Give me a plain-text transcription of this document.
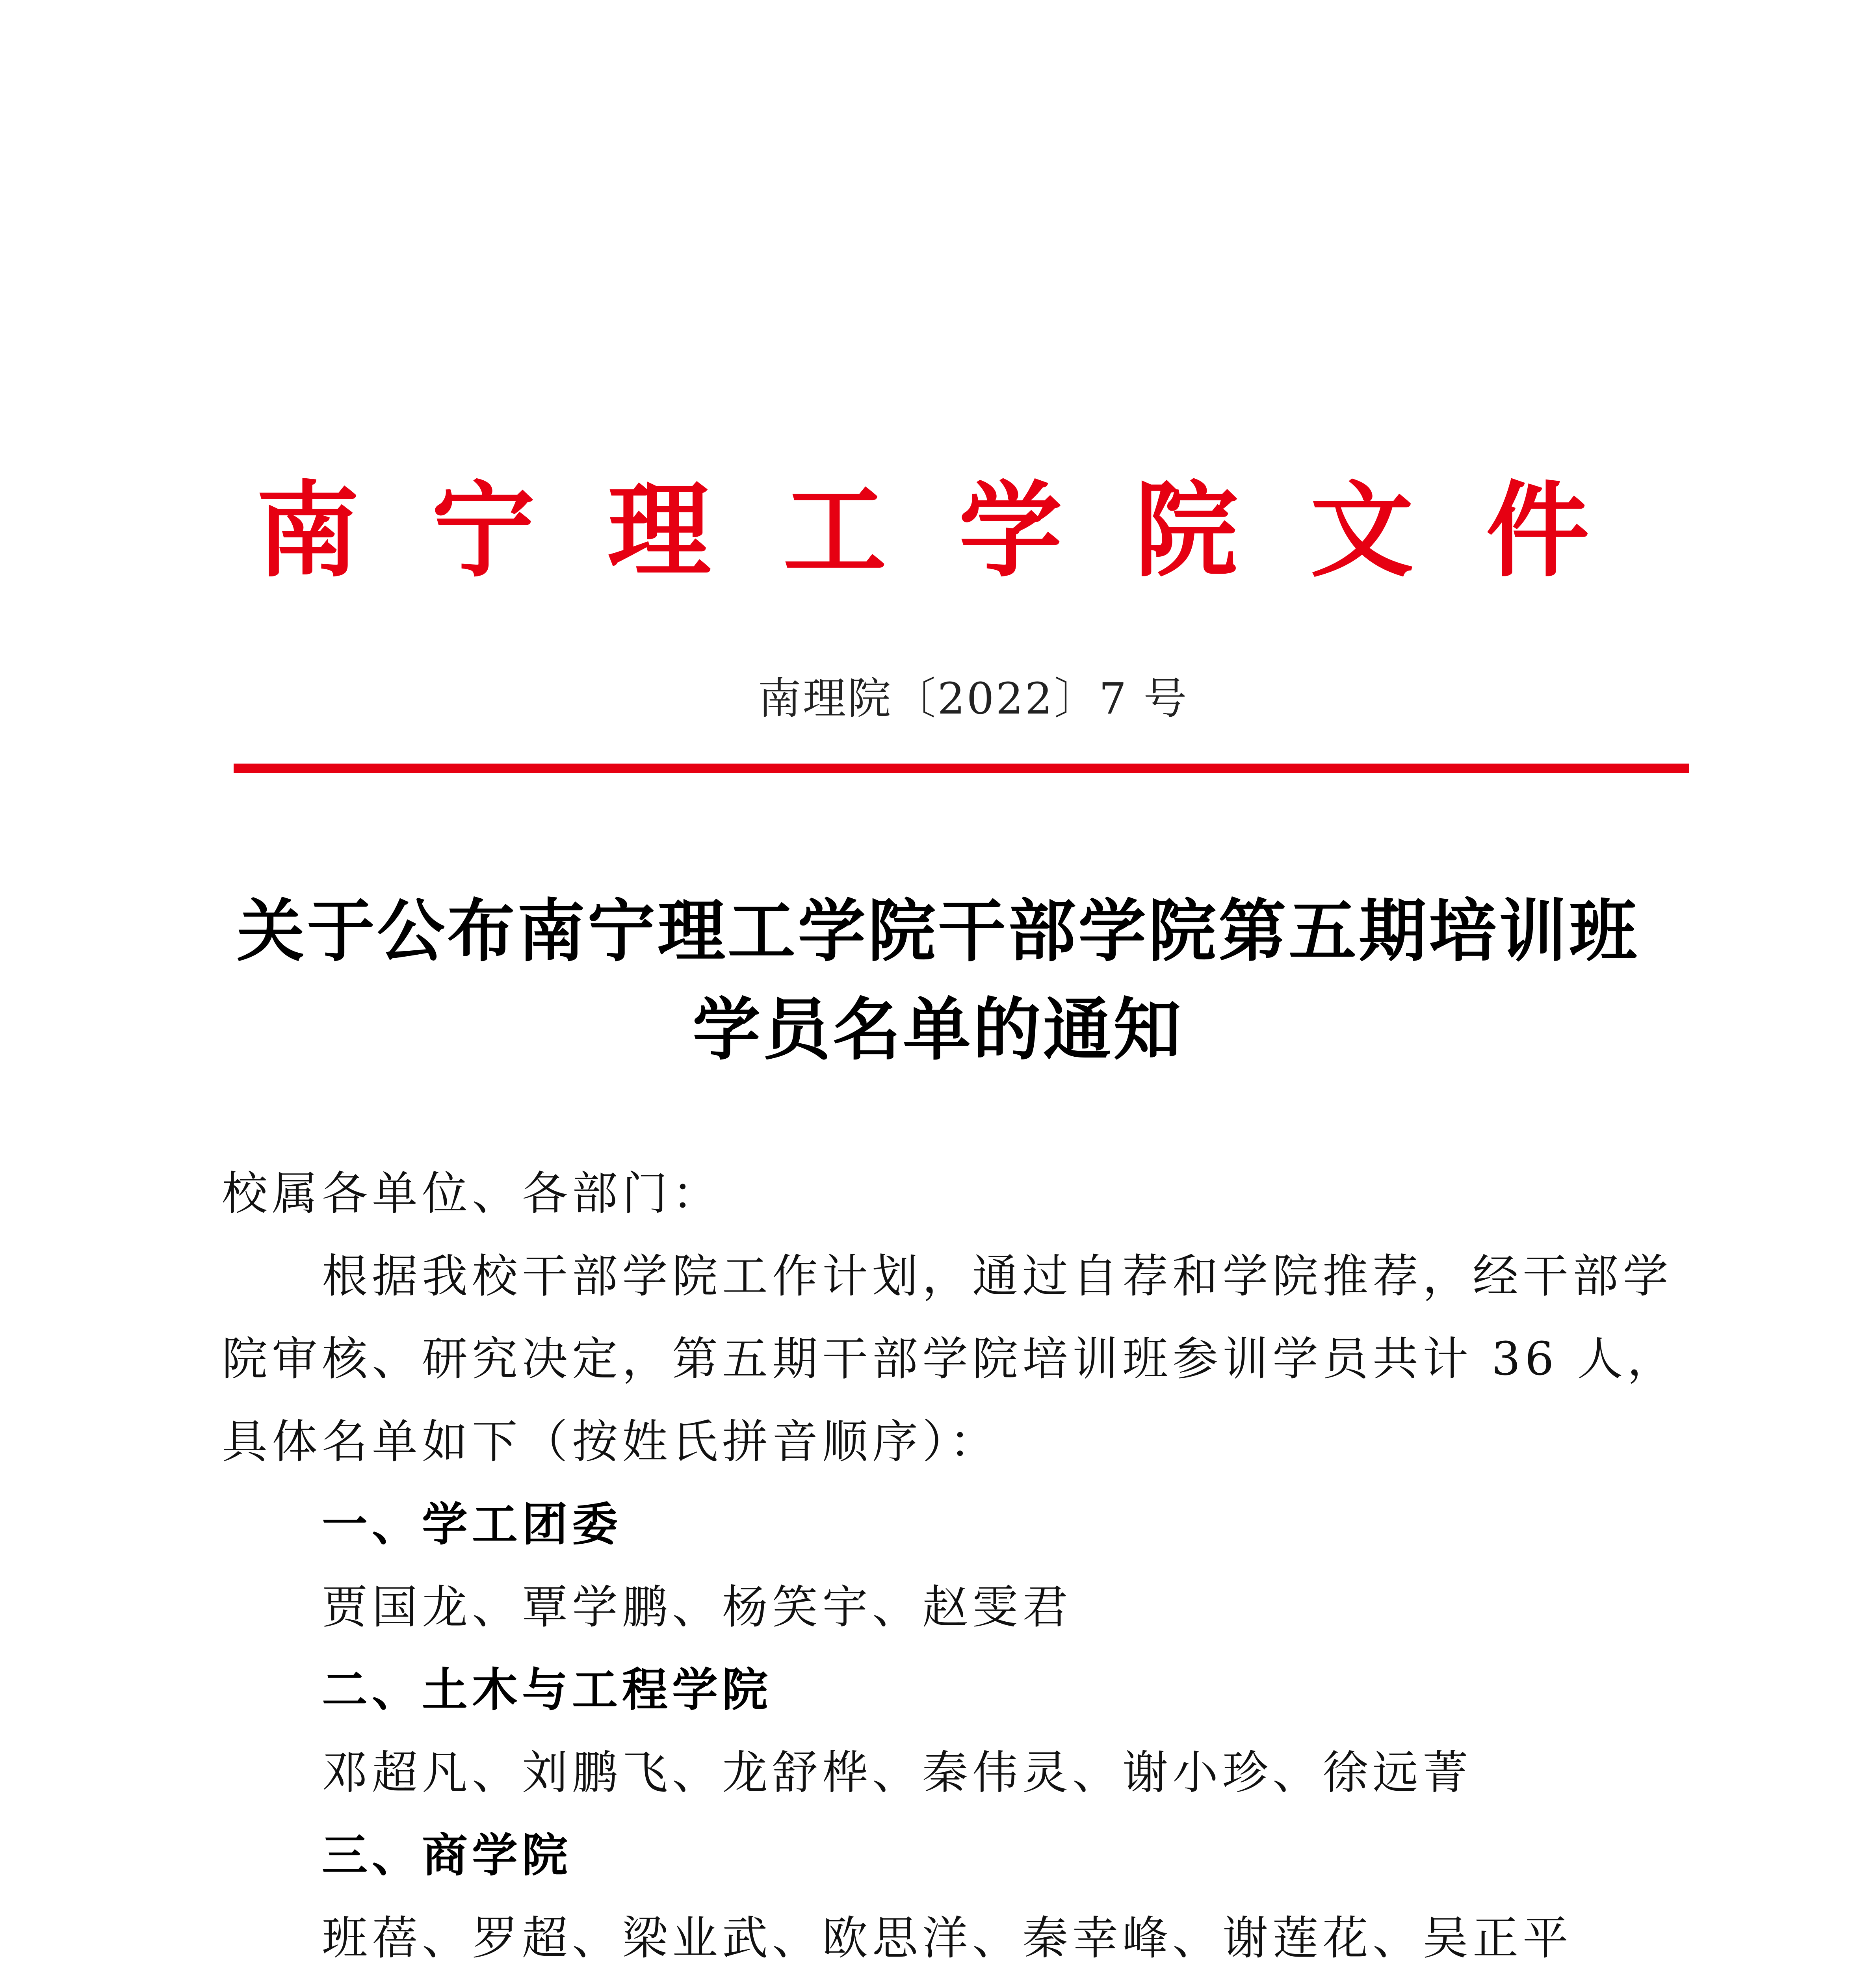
南宁理工学院文件
南理院〔2022〕7 号
关于公布南宁理工学院干部学院第五期培训班
学员名单的通知
校属各单位、各部门：
根据我校干部学院工作计划，通过自荐和学院推荐，经干部学
院审核、研究决定，第五期干部学院培训班参训学员共计 36 人，
具体名单如下（按姓氏拼音顺序）：
一、学工团委
贾国龙、覃学鹏、杨笑宇、赵雯君
二、土木与工程学院
邓超凡、刘鹏飞、龙舒桦、秦伟灵、谢小珍、徐远菁
三、商学院
班蓓、罗超、梁业武、欧思洋、秦幸峰、谢莲花、吴正平
